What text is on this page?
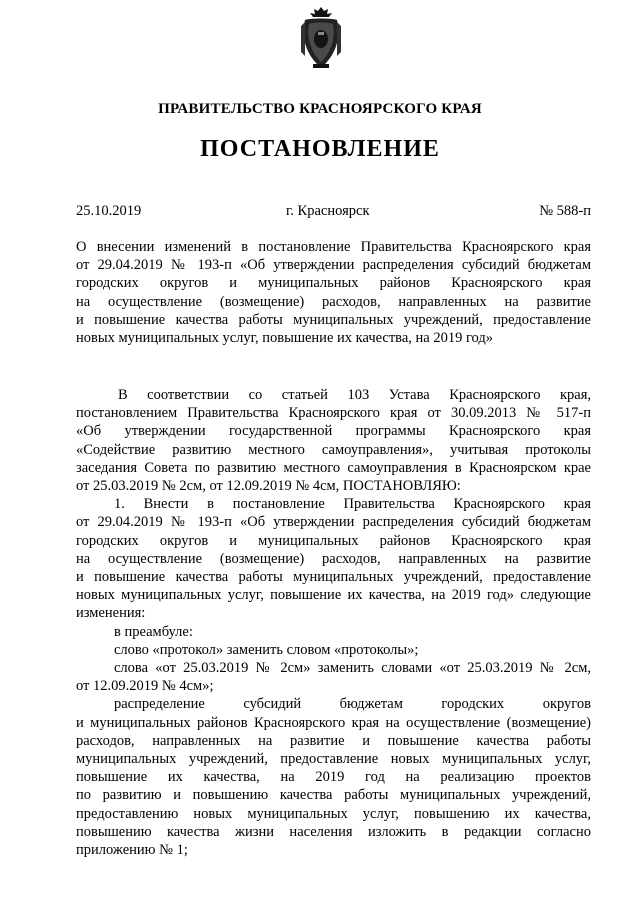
ПРАВИТЕЛЬСТВО КРАСНОЯРСКОГО КРАЯ
ПОСТАНОВЛЕНИЕ
25.10.2019	г. Красноярск	№ 588-п
О внесении изменений в постановление Правительства Красноярского края
от 29.04.2019 № 193-п «Об утверждении распределения субсидий бюджетам
городских округов и муниципальных районов Красноярского края
на осуществление (возмещение) расходов, направленных на развитие
и повышение качества работы муниципальных учреждений, предоставление
новых муниципальных услуг, повышение их качества, на 2019 год»
В соответствии со статьей 103 Устава Красноярского края,
постановлением Правительства Красноярского края от 30.09.2013 № 517-п
«Об утверждении государственной программы Красноярского края
«Содействие развитию местного самоуправления», учитывая протоколы
заседания Совета по развитию местного самоуправления в Красноярском крае
от 25.03.2019 № 2см, от 12.09.2019 № 4см, ПОСТАНОВЛЯЮ:
1. Внести в постановление Правительства Красноярского края
от 29.04.2019 № 193-п «Об утверждении распределения субсидий бюджетам
городских округов и муниципальных районов Красноярского края
на осуществление (возмещение) расходов, направленных на развитие
и повышение качества работы муниципальных учреждений, предоставление
новых муниципальных услуг, повышение их качества, на 2019 год» следующие
изменения:
в преамбуле:
слово «протокол» заменить словом «протоколы»;
слова «от 25.03.2019 № 2см» заменить словами «от 25.03.2019 № 2см,
от 12.09.2019 № 4см»;
распределение субсидий бюджетам городских округов
и муниципальных районов Красноярского края на осуществление (возмещение)
расходов, направленных на развитие и повышение качества работы
муниципальных учреждений, предоставление новых муниципальных услуг,
повышение их качества, на 2019 год на реализацию проектов
по развитию и повышению качества работы муниципальных учреждений,
предоставлению новых муниципальных услуг, повышению их качества,
повышению качества жизни населения изложить в редакции согласно
приложению № 1;
